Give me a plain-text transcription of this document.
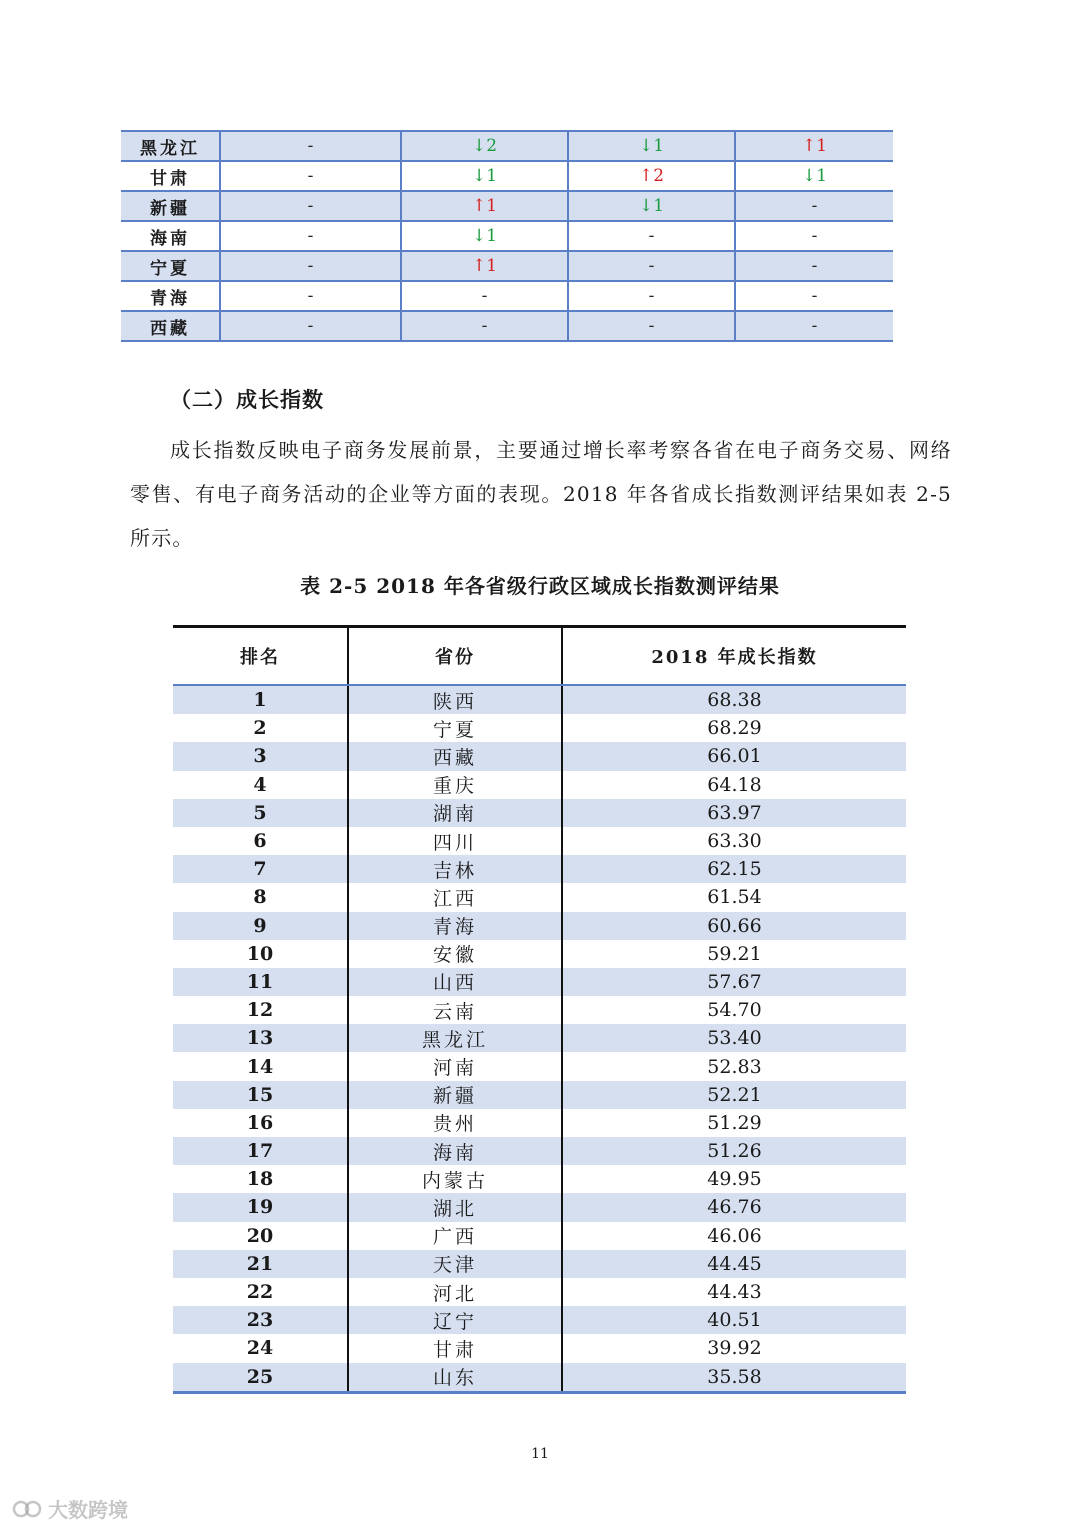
黑龙江	-	↓2	↓1	↑1
甘肃	-	↓1	↑2	↓1
新疆	-	↑1	↓1	-
海南	-	↓1	-	-
宁夏	-	↑1	-	-
青海	-	-	-	-
西藏	-	-	-	-
（二）成长指数
成长指数反映电子商务发展前景，主要通过增长率考察各省在电子商务交易、网络零售、有电子商务活动的企业等方面的表现。2018 年各省成长指数测评结果如表 2-5 所示。
表 2-5 2018 年各省级行政区域成长指数测评结果
排名	省份	2018 年成长指数
1	陕西	68.38
2	宁夏	68.29
3	西藏	66.01
4	重庆	64.18
5	湖南	63.97
6	四川	63.30
7	吉林	62.15
8	江西	61.54
9	青海	60.66
10	安徽	59.21
11	山西	57.67
12	云南	54.70
13	黑龙江	53.40
14	河南	52.83
15	新疆	52.21
16	贵州	51.29
17	海南	51.26
18	内蒙古	49.95
19	湖北	46.76
20	广西	46.06
21	天津	44.45
22	河北	44.43
23	辽宁	40.51
24	甘肃	39.92
25	山东	35.58
11
大数跨境
